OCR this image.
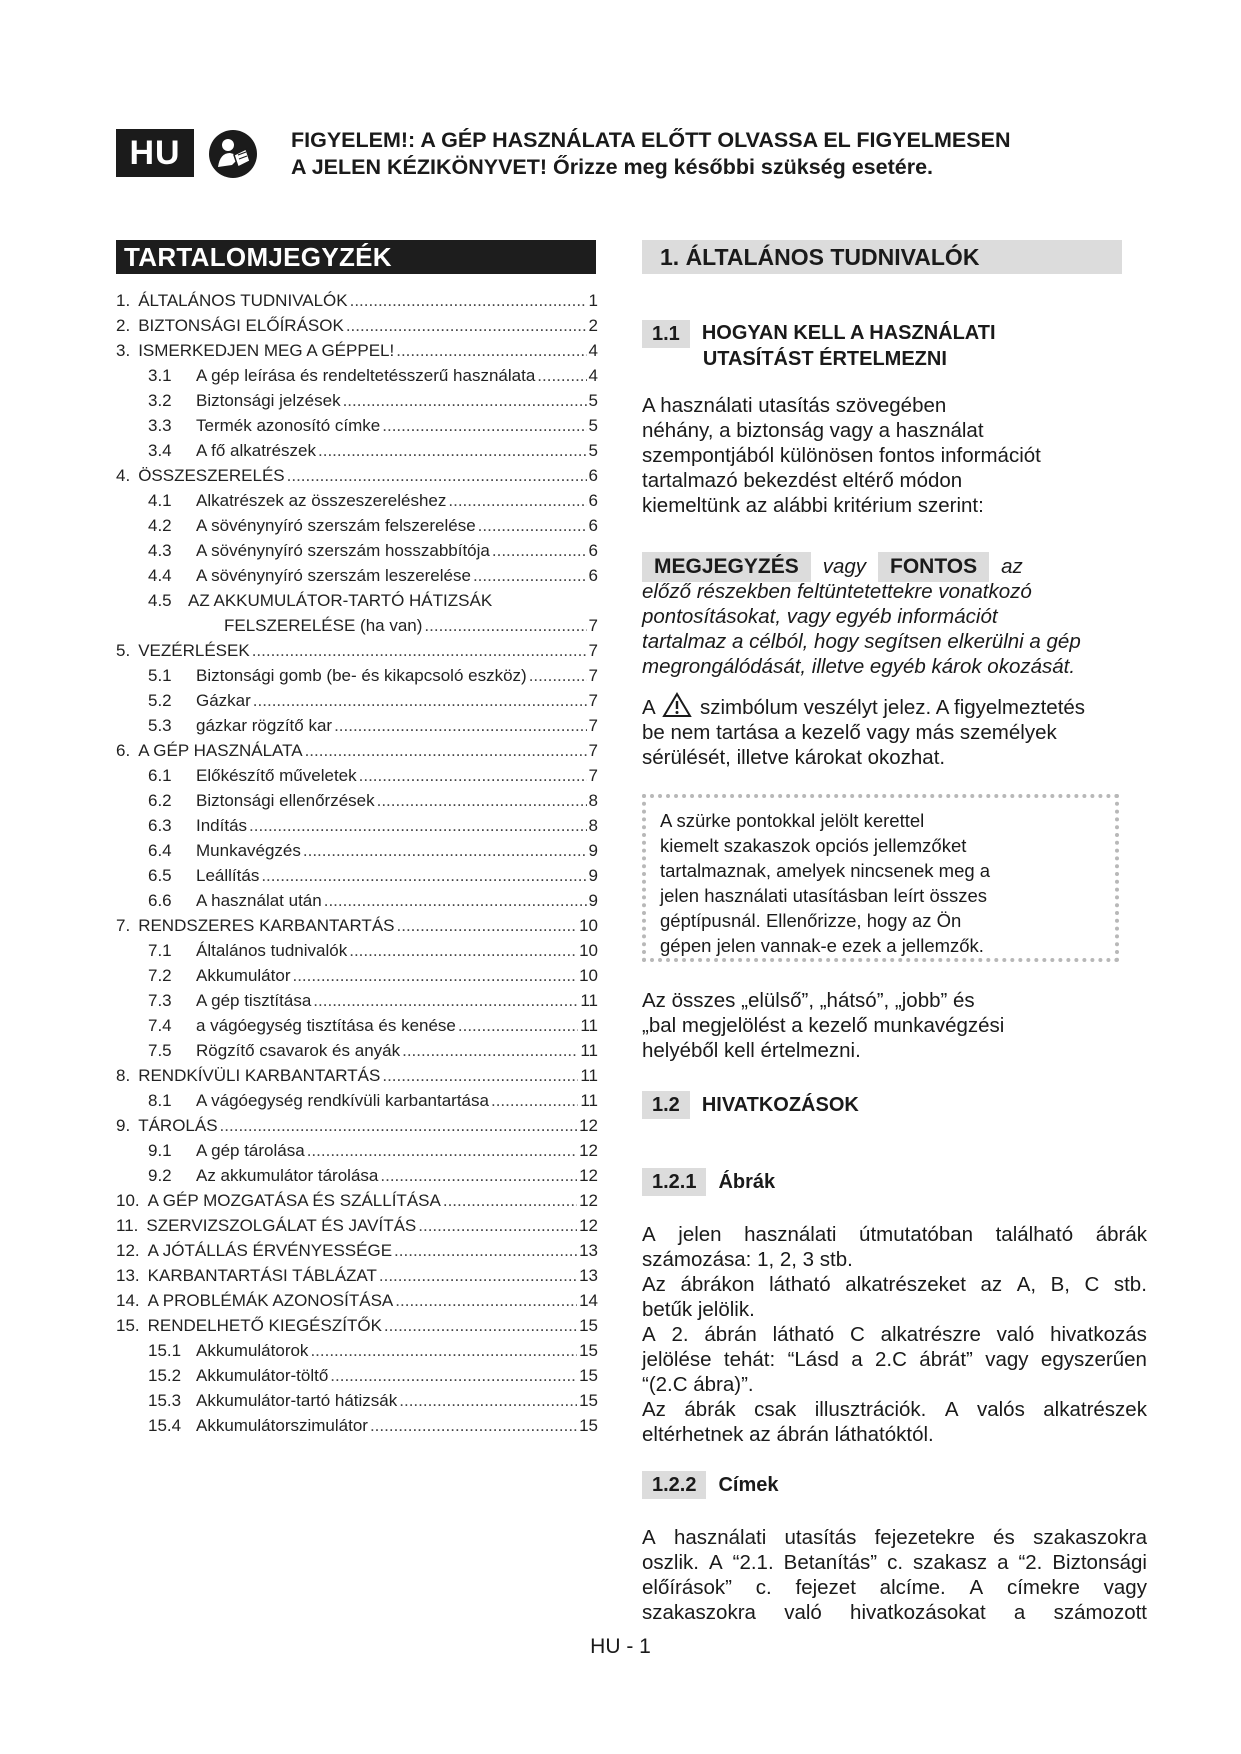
HU	FIGYELEM!: A GÉP HASZNÁLATA ELŐTT OLVASSA EL FIGYELMESEN
A JELEN KÉZIKÖNYVET! Őrizze meg későbbi szükség esetére.
TARTALOMJEGYZÉK
1. ÁLTALÁNOS TUDNIVALÓK .....	1
2. BIZTONSÁGI ELŐÍRÁSOK .....	2
3. ISMERKEDJEN MEG A GÉPPEL! .....	4
3.1	A gép leírása és rendeltetésszerű használata .....	4
3.2	Biztonsági jelzések .....	5
3.3	Termék azonosító címke .....	5
3.4	A fő alkatrészek .....	5
4. ÖSSZESZERELÉS .....	6
4.1	Alkatrészek az összeszereléshez .....	6
4.2	A sövénynyíró szerszám felszerelése .....	6
4.3	A sövénynyíró szerszám hosszabbítója .....	6
4.4	A sövénynyíró szerszám leszerelése .....	6
4.5 AZ AKKUMULÁTOR-TARTÓ HÁTIZSÁK
FELSZERELÉSE (ha van) .....	7
5. VEZÉRLÉSEK .....	7
5.1	Biztonsági gomb (be- és kikapcsoló eszköz) .....	7
5.2	Gázkar .....	7
5.3	gázkar rögzítő kar .....	7
6. A GÉP HASZNÁLATA .....	7
6.1	Előkészítő műveletek .....	7
6.2	Biztonsági ellenőrzések .....	8
6.3	Indítás .....	8
6.4	Munkavégzés .....	9
6.5	Leállítás .....	9
6.6	A használat után .....	9
7. RENDSZERES KARBANTARTÁS .....	10
7.1	Általános tudnivalók .....	10
7.2	Akkumulátor .....	10
7.3	A gép tisztítása .....	11
7.4	a vágóegység tisztítása és kenése .....	11
7.5	Rögzítő csavarok és anyák .....	11
8. RENDKÍVÜLI KARBANTARTÁS .....	11
8.1	A vágóegység rendkívüli karbantartása .....	11
9. TÁROLÁS .....	12
9.1	A gép tárolása .....	12
9.2	Az akkumulátor tárolása .....	12
10. A GÉP MOZGATÁSA ÉS SZÁLLÍTÁSA .....	12
11. SZERVIZSZOLGÁLAT ÉS JAVÍTÁS .....	12
12. A JÓTÁLLÁS ÉRVÉNYESSÉGE .....	13
13. KARBANTARTÁSI TÁBLÁZAT .....	13
14. A PROBLÉMÁK AZONOSÍTÁSA .....	14
15. RENDELHETŐ KIEGÉSZÍTŐK .....	15
15.1 Akkumulátorok .....	15
15.2 Akkumulátor-töltő .....	15
15.3 Akkumulátor-tartó hátizsák .....	15
15.4 Akkumulátorszimulátor .....	15
1. ÁLTALÁNOS TUDNIVALÓK
1.1	HOGYAN KELL A HASZNÁLATI
UTASÍTÁST ÉRTELMEZNI
A használati utasítás szövegében
néhány, a biztonság vagy a használat
szempontjából különösen fontos információt
tartalmazó bekezdést eltérő módon
kiemeltünk az alábbi kritérium szerint:
MEGJEGYZÉS	vagy	FONTOS	az
előző részekben feltüntetettekre vonatkozó
pontosításokat, vagy egyéb információt
tartalmaz a célból, hogy segítsen elkerülni a gép
megrongálódását, illetve egyéb károk okozását.
A szimbólum veszélyt jelez. A figyelmeztetés
be nem tartása a kezelő vagy más személyek
sérülését, illetve károkat okozhat.
A szürke pontokkal jelölt kerettel
kiemelt szakaszok opciós jellemzőket
tartalmaznak, amelyek nincsenek meg a
jelen használati utasításban leírt összes
géptípusnál. Ellenőrizze, hogy az Ön
gépen jelen vannak-e ezek a jellemzők.
Az összes „elülső”, „hátsó”, „jobb” és
„bal megjelölést a kezelő munkavégzési
helyéből kell értelmezni.
1.2	HIVATKOZÁSOK
1.2.1	Ábrák
A jelen használati útmutatóban található ábrák
számozása: 1, 2, 3 stb.
Az ábrákon látható alkatrészeket az A, B, C stb.
betűk jelölik.
A 2. ábrán látható C alkatrészre való hivatkozás
jelölése tehát: “Lásd a 2.C ábrát” vagy egyszerűen
“(2.C ábra)”.
Az ábrák csak illusztrációk. A valós alkatrészek
eltérhetnek az ábrán láthatóktól.
1.2.2	Címek
A használati utasítás fejezetekre és szakaszokra
oszlik. A “2.1. Betanítás” c. szakasz a “2. Biztonsági
előírások” c. fejezet alcíme. A címekre vagy
szakaszokra való hivatkozásokat a számozott
HU - 1
